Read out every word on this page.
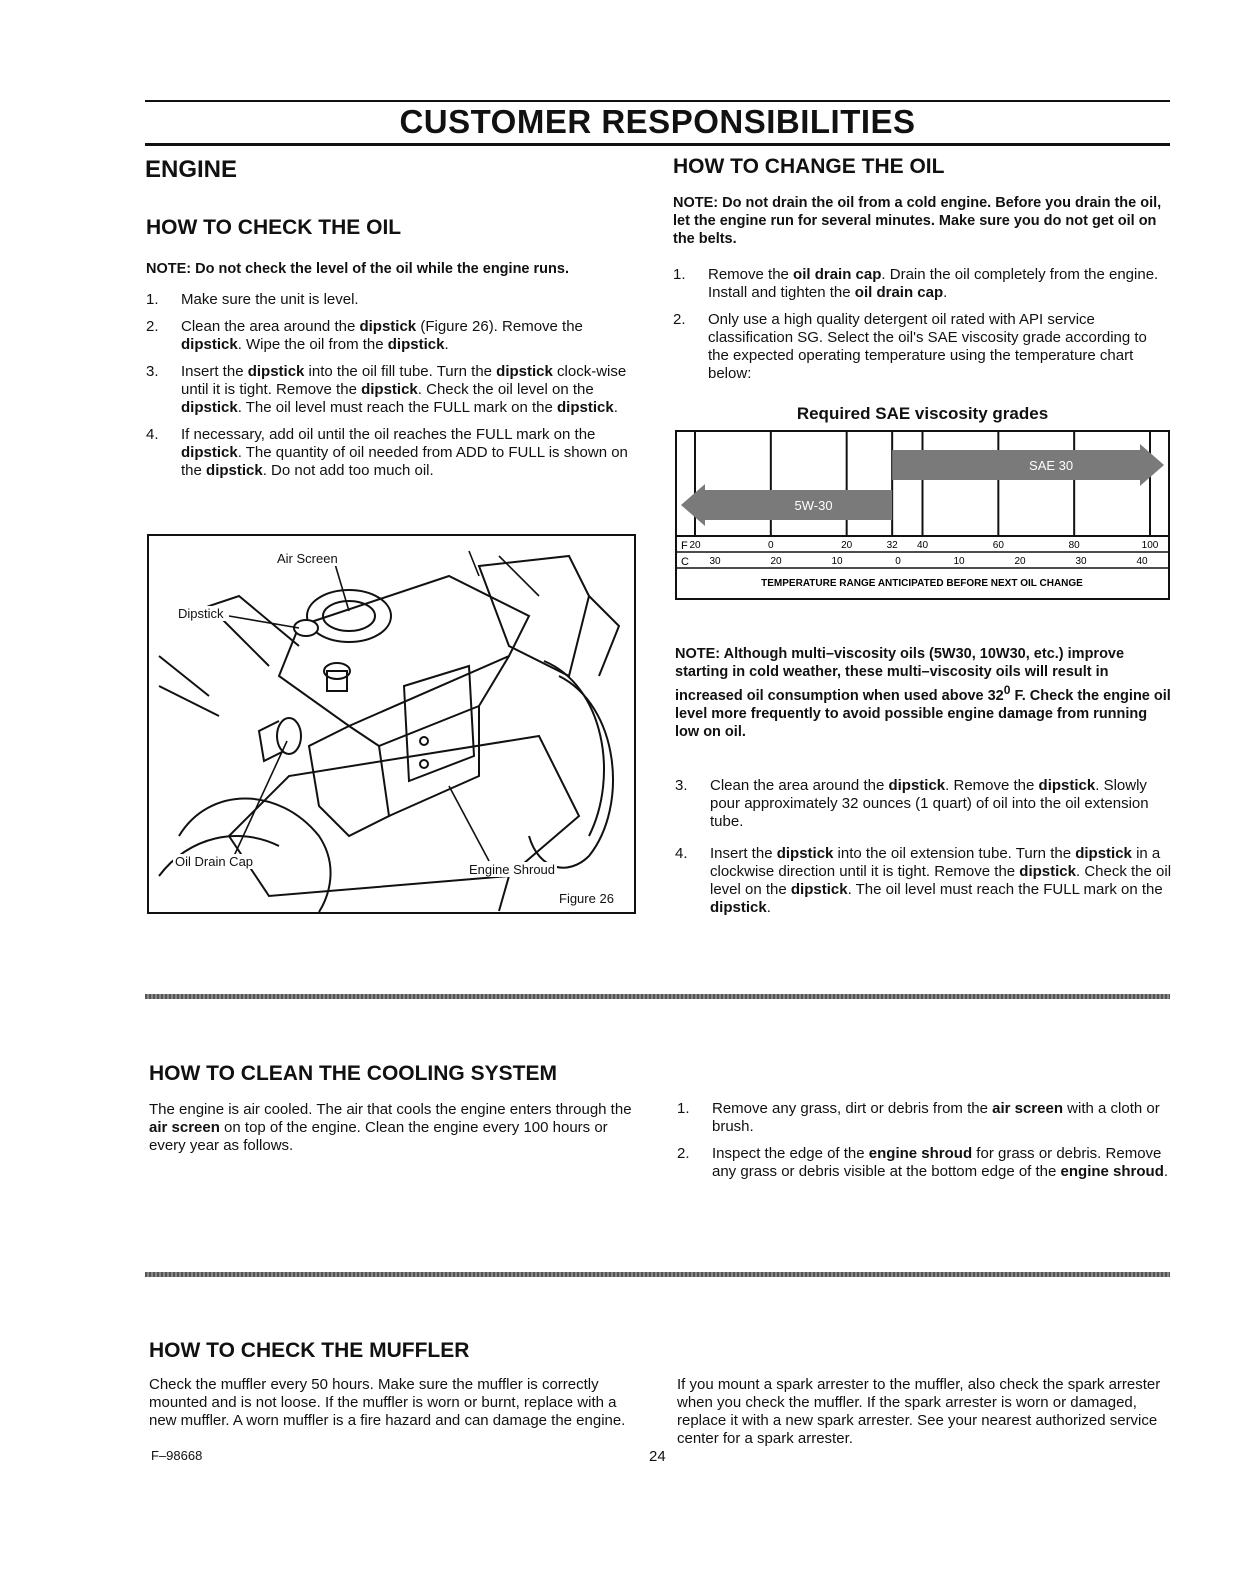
CUSTOMER RESPONSIBILITIES
ENGINE
HOW TO CHECK THE OIL
NOTE: Do not check the level of the oil while the engine runs.
1. Make sure the unit is level.
2. Clean the area around the dipstick (Figure 26). Remove the dipstick. Wipe the oil from the dipstick.
3. Insert the dipstick into the oil fill tube. Turn the dipstick clock-wise until it is tight. Remove the dipstick. Check the oil level on the dipstick. The oil level must reach the FULL mark on the dipstick.
4. If necessary, add oil until the oil reaches the FULL mark on the dipstick. The quantity of oil needed from ADD to FULL is shown on the dipstick. Do not add too much oil.
Air Screen
Dipstick
Oil Drain Cap
Engine Shroud
Figure 26
HOW TO CHANGE THE OIL
NOTE: Do not drain the oil from a cold engine. Before you drain the oil, let the engine run for several minutes. Make sure you do not get oil on the belts.
1. Remove the oil drain cap. Drain the oil completely from the engine. Install and tighten the oil drain cap.
2. Only use a high quality detergent oil rated with API service classification SG. Select the oil's SAE viscosity grade according to the expected operating temperature using the temperature chart below:
Required SAE viscosity grades
SAE 30
5W-30
F
C
20	0	20	32 40	60	80	100
30	20	10	0	10	20	30	40
TEMPERATURE RANGE ANTICIPATED BEFORE NEXT OIL CHANGE
NOTE: Although multi–viscosity oils (5W30, 10W30, etc.) improve starting in cold weather, these multi–viscosity oils will result in increased oil consumption when used above $32^0$ F. Check the engine oil level more frequently to avoid possible engine damage from running low on oil.
3. Clean the area around the dipstick. Remove the dipstick. Slowly pour approximately 32 ounces (1 quart) of oil into the oil extension tube.
4. Insert the dipstick into the oil extension tube. Turn the dipstick in a clockwise direction until it is tight. Remove the dipstick. Check the oil level on the dipstick. The oil level must reach the FULL mark on the dipstick.
HOW TO CLEAN THE COOLING SYSTEM
The engine is air cooled. The air that cools the engine enters through the air screen on top of the engine. Clean the engine every 100 hours or every year as follows.
1. Remove any grass, dirt or debris from the air screen with a cloth or brush.
2. Inspect the edge of the engine shroud for grass or debris. Remove any grass or debris visible at the bottom edge of the engine shroud.
HOW TO CHECK THE MUFFLER
Check the muffler every 50 hours. Make sure the muffler is correctly mounted and is not loose. If the muffler is worn or burnt, replace with a new muffler. A worn muffler is a fire hazard and can damage the engine.
If you mount a spark arrester to the muffler, also check the spark arrester when you check the muffler. If the spark arrester is worn or damaged, replace it with a new spark arrester. See your nearest authorized service center for a spark arrester.
F–98668	24
